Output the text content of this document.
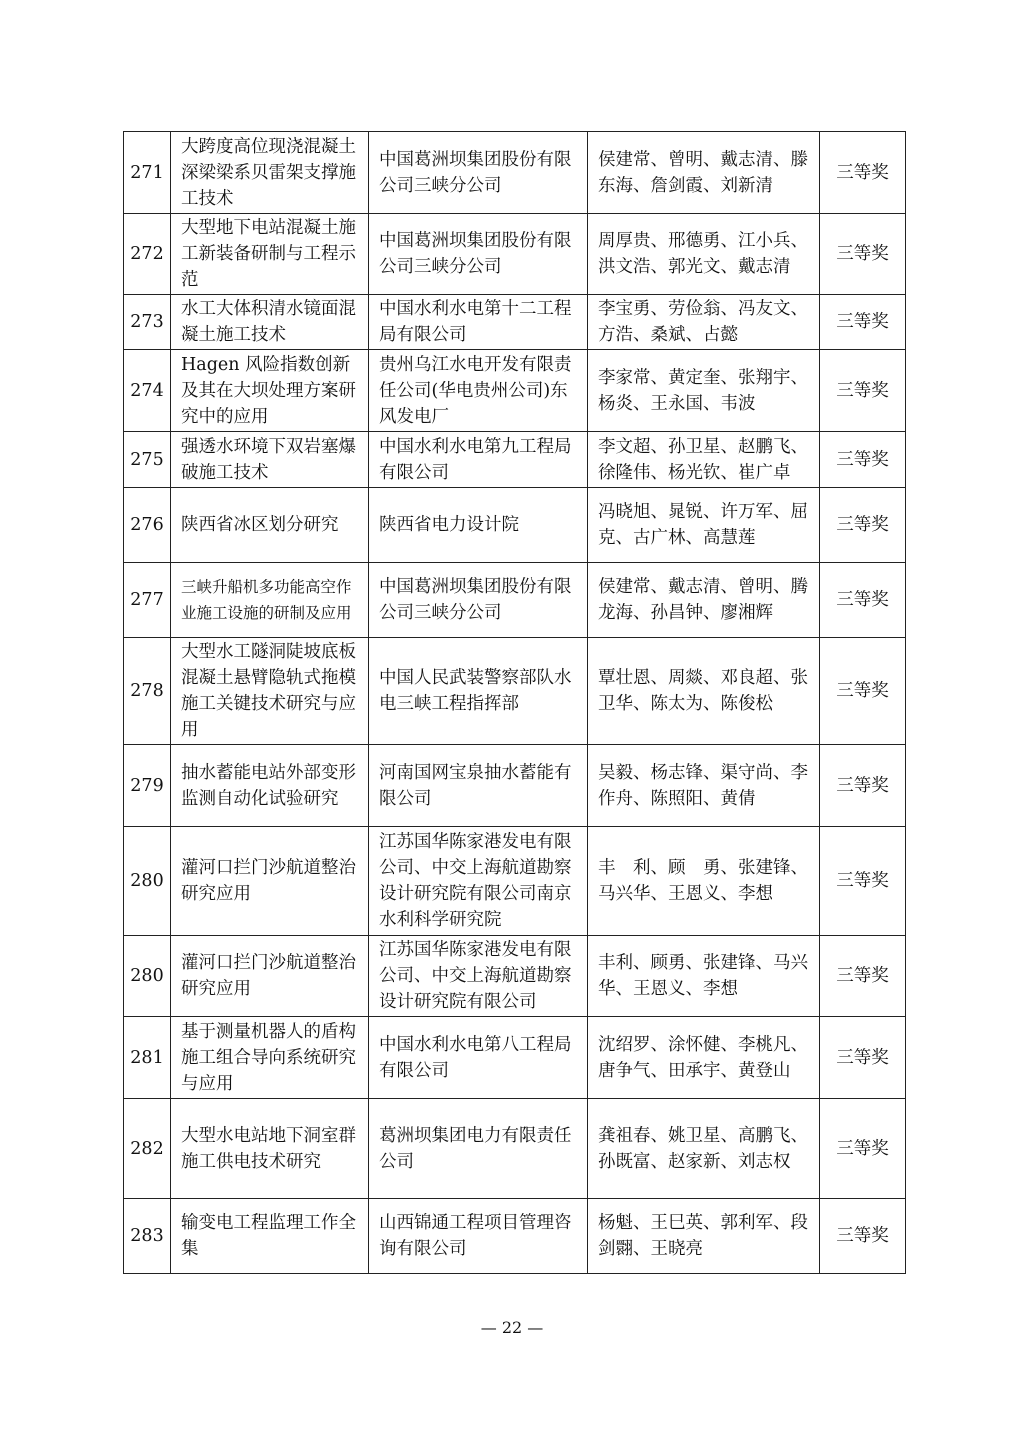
271	大跨度高位现浇混凝土深梁梁系贝雷架支撑施工技术	中国葛洲坝集团股份有限公司三峡分公司	侯建常、曾明、戴志清、滕东海、詹剑霞、刘新清	三等奖
272	大型地下电站混凝土施工新装备研制与工程示范	中国葛洲坝集团股份有限公司三峡分公司	周厚贵、邢德勇、江小兵、洪文浩、郭光文、戴志清	三等奖
273	水工大体积清水镜面混凝土施工技术	中国水利水电第十二工程局有限公司	李宝勇、劳俭翁、冯友文、方浩、桑斌、占懿	三等奖
274	Hagen 风险指数创新及其在大坝处理方案研究中的应用	贵州乌江水电开发有限责任公司(华电贵州公司)东风发电厂	李家常、黄定奎、张翔宇、杨炎、王永国、韦波	三等奖
275	强透水环境下双岩塞爆破施工技术	中国水利水电第九工程局有限公司	李文超、孙卫星、赵鹏飞、徐隆伟、杨光钦、崔广卓	三等奖
276	陕西省冰区划分研究	陕西省电力设计院	冯晓旭、晁锐、许万军、屈克、古广林、高慧莲	三等奖
277	三峡升船机多功能高空作业施工设施的研制及应用	中国葛洲坝集团股份有限公司三峡分公司	侯建常、戴志清、曾明、腾龙海、孙昌钟、廖湘辉	三等奖
278	大型水工隧洞陡坡底板混凝土悬臂隐轨式拖模施工关键技术研究与应用	中国人民武装警察部队水电三峡工程指挥部	覃壮恩、周燚、邓良超、张卫华、陈太为、陈俊松	三等奖
279	抽水蓄能电站外部变形监测自动化试验研究	河南国网宝泉抽水蓄能有限公司	吴毅、杨志锋、渠守尚、李作舟、陈照阳、黄倩	三等奖
280	灌河口拦门沙航道整治研究应用	江苏国华陈家港发电有限公司、中交上海航道勘察设计研究院有限公司南京水利科学研究院	丰　利、顾　勇、张建锋、马兴华、王恩义、李想	三等奖
280	灌河口拦门沙航道整治研究应用	江苏国华陈家港发电有限公司、中交上海航道勘察设计研究院有限公司	丰利、顾勇、张建锋、马兴华、王恩义、李想	三等奖
281	基于测量机器人的盾构施工组合导向系统研究与应用	中国水利水电第八工程局有限公司	沈绍罗、涂怀健、李桃凡、唐争气、田承宇、黄登山	三等奖
282	大型水电站地下洞室群施工供电技术研究	葛洲坝集团电力有限责任公司	龚祖春、姚卫星、高鹏飞、孙既富、赵家新、刘志权	三等奖
283	输变电工程监理工作全集	山西锦通工程项目管理咨询有限公司	杨魁、王巳英、郭利军、段剑翾、王晓亮	三等奖
— 22 —
